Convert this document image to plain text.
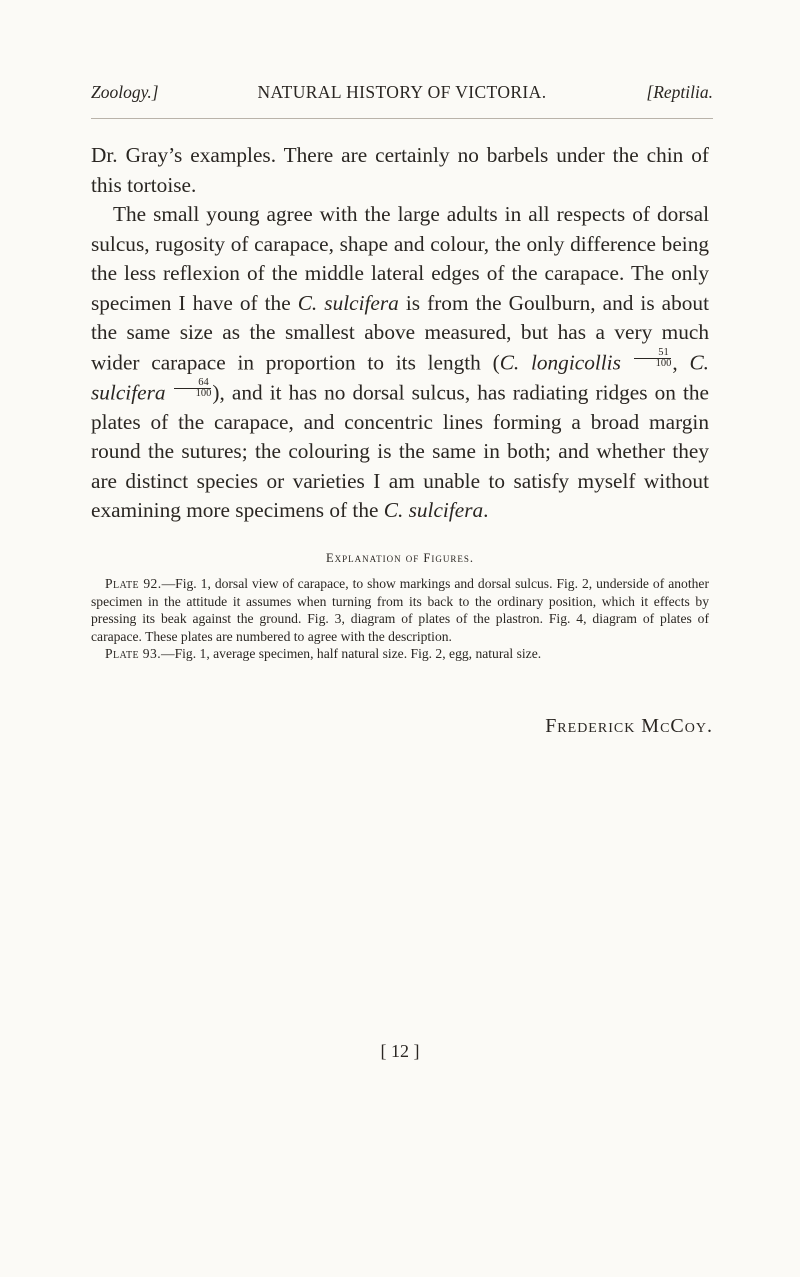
Zoology.]	NATURAL HISTORY OF VICTORIA.	[Reptilia.

Dr. Gray’s examples. There are certainly no barbels under the chin of this tortoise.

The small young agree with the large adults in all respects of dorsal sulcus, rugosity of carapace, shape and colour, the only difference being the less reflexion of the middle lateral edges of the carapace. The only specimen I have of the C. sulcifera is from the Goulburn, and is about the same size as the smallest above measured, but has a very much wider carapace in proportion to its length (C. longicollis $\frac{51}{100}$ , C. sulcifera $\frac{64}{100}$ ), and it has no dorsal sulcus, has radiating ridges on the plates of the carapace, and concentric lines forming a broad margin round the sutures; the colouring is the same in both; and whether they are distinct species or varieties I am unable to satisfy myself without examining more specimens of the C. sulcifera.

Explanation of Figures.

Plate 92.—Fig. 1, dorsal view of carapace, to show markings and dorsal sulcus. Fig. 2, underside of another specimen in the attitude it assumes when turning from its back to the ordinary position, which it effects by pressing its beak against the ground. Fig. 3, diagram of plates of the plastron. Fig. 4, diagram of plates of carapace. These plates are numbered to agree with the description.

Plate 93.—Fig. 1, average specimen, half natural size. Fig. 2, egg, natural size.

Frederick McCoy.
[ 12 ]
